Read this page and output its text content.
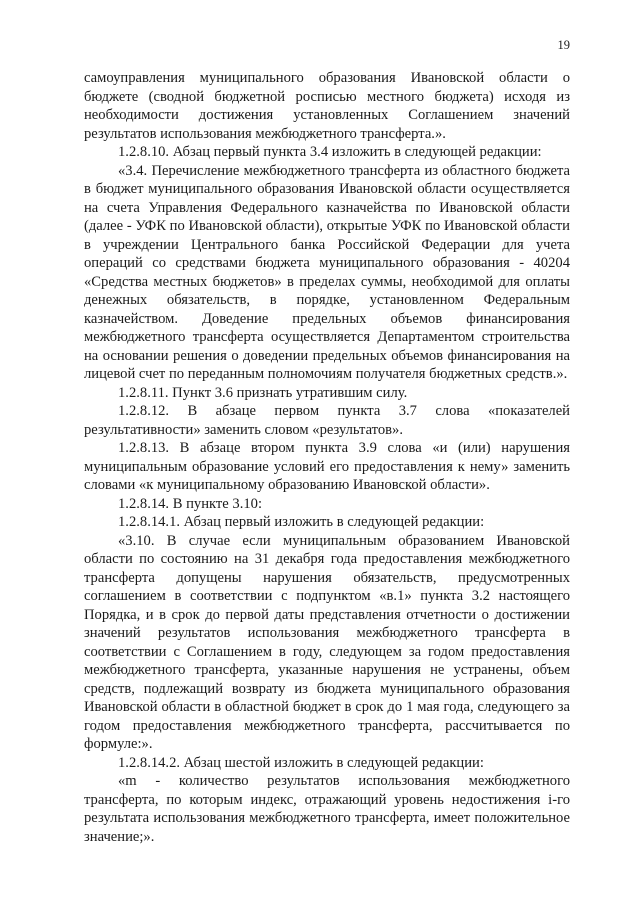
19

самоуправления муниципального образования Ивановской области о бюджете (сводной бюджетной росписью местного бюджета) исходя из необходимости достижения установленных Соглашением значений результатов использования межбюджетного трансферта.».

1.2.8.10. Абзац первый пункта 3.4 изложить в следующей редакции:

«3.4. Перечисление межбюджетного трансферта из областного бюджета в бюджет муниципального образования Ивановской области осуществляется на счета Управления Федерального казначейства по Ивановской области (далее - УФК по Ивановской области), открытые УФК по Ивановской области в учреждении Центрального банка Российской Федерации для учета операций со средствами бюджета муниципального образования - 40204 «Средства местных бюджетов» в пределах суммы, необходимой для оплаты денежных обязательств, в порядке, установленном Федеральным казначейством. Доведение предельных объемов финансирования межбюджетного трансферта осуществляется Департаментом строительства на основании решения о доведении предельных объемов финансирования на лицевой счет по переданным полномочиям получателя бюджетных средств.».

1.2.8.11. Пункт 3.6 признать утратившим силу.

1.2.8.12. В абзаце первом пункта 3.7 слова «показателей результативности» заменить словом «результатов».

1.2.8.13. В абзаце втором пункта 3.9 слова «и (или) нарушения муниципальным образование условий его предоставления к нему» заменить словами «к муниципальному образованию Ивановской области».

1.2.8.14. В пункте 3.10:

1.2.8.14.1. Абзац первый изложить в следующей редакции:

«3.10. В случае если муниципальным образованием Ивановской области по состоянию на 31 декабря года предоставления межбюджетного трансферта допущены нарушения обязательств, предусмотренных соглашением в соответствии с подпунктом «в.1» пункта 3.2 настоящего Порядка, и в срок до первой даты представления отчетности о достижении значений результатов использования межбюджетного трансферта в соответствии с Соглашением в году, следующем за годом предоставления межбюджетного трансферта, указанные нарушения не устранены, объем средств, подлежащий возврату из бюджета муниципального образования Ивановской области в областной бюджет в срок до 1 мая года, следующего за годом предоставления межбюджетного трансферта, рассчитывается по формуле:».

1.2.8.14.2. Абзац шестой изложить в следующей редакции:

«m - количество результатов использования межбюджетного трансферта, по которым индекс, отражающий уровень недостижения i-го результата использования межбюджетного трансферта, имеет положительное значение;».
